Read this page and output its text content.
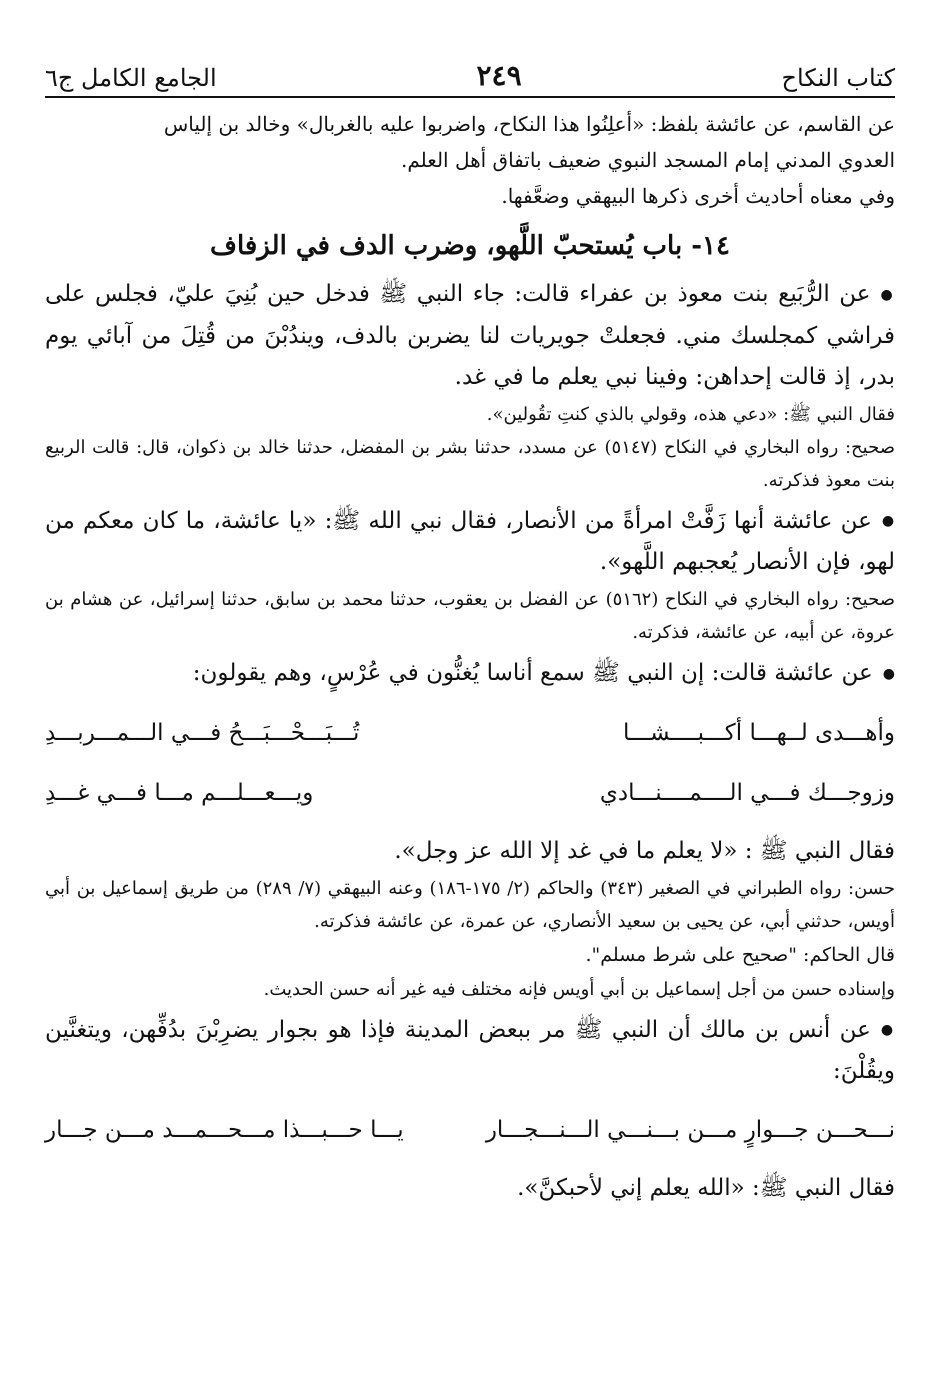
كتاب النكاح
٢٤٩
الجامع الكامل ج٦

عن القاسم، عن عائشة بلفظ: «أعلِنُوا هذا النكاح، واضربوا عليه بالغربال» وخالد بن إلياس

العدوي المدني إمام المسجد النبوي ضعيف باتفاق أهل العلم.

وفي معناه أحاديث أخرى ذكرها البيهقي وضعَّفها.

١٤- باب يُستحبّ اللَّهو، وضرب الدف في الزفاف

● عن الرُّبَيع بنت معوذ بن عفراء قالت: جاء النبي ﷺ فدخل حين بُنِيَ عليّ، فجلس على فراشي كمجلسك مني. فجعلتْ جويريات لنا يضربن بالدف، ويندُبْنَ من قُتِلَ من آبائي يوم بدر، إذ قالت إحداهن: وفينا نبي يعلم ما في غد.

فقال النبي ﷺ: «دعي هذه، وقولي بالذي كنتِ تقُولين».

صحيح: رواه البخاري في النكاح (٥١٤٧) عن مسدد، حدثنا بشر بن المفضل، حدثنا خالد بن ذكوان، قال: قالت الربيع بنت معوذ فذكرته.

● عن عائشة أنها زَفَّتْ امرأةً من الأنصار، فقال نبي الله ﷺ: «يا عائشة، ما كان معكم من لهو، فإن الأنصار يُعجبهم اللَّهو».

صحيح: رواه البخاري في النكاح (٥١٦٢) عن الفضل بن يعقوب، حدثنا محمد بن سابق، حدثنا إسرائيل، عن هشام بن عروة، عن أبيه، عن عائشة، فذكرته.

● عن عائشة قالت: إن النبي ﷺ سمع أناسا يُغنُّون في عُرْسٍ، وهم يقولون:

وأهـــدى لــهـــا أكـــبــــشـــا
تُـــبَـــحْـــبَـــحُ فـــي الـــمـــربـــدِ
وزوجـــك فـــي الــــمــــنـــادي
ويـــعـــلـــم مـــا فـــي غـــدِ

فقال النبي ﷺ : «لا يعلم ما في غد إلا الله عز وجل».

حسن: رواه الطبراني في الصغير (٣٤٣) والحاكم (٢/ ١٧٥-١٨٦) وعنه البيهقي (٧/ ٢٨٩) من طريق إسماعيل بن أبي أويس، حدثني أبي، عن يحيى بن سعيد الأنصاري، عن عمرة، عن عائشة فذكرته.

قال الحاكم: "صحيح على شرط مسلم".

وإسناده حسن من أجل إسماعيل بن أبي أويس فإنه مختلف فيه غير أنه حسن الحديث.

● عن أنس بن مالك أن النبي ﷺ مر ببعض المدينة فإذا هو بجوار يضرِبْنَ بدُفِّهن، ويتغنَّين ويقُلْنَ:

نـــحـــن جـــوارٍ مـــن بـــنـــي الـــنـــجـــار
يـــا حـــبـــذا مـــحـــمـــد مـــن جـــار

فقال النبي ﷺ: «الله يعلم إني لأحبكنَّ».
